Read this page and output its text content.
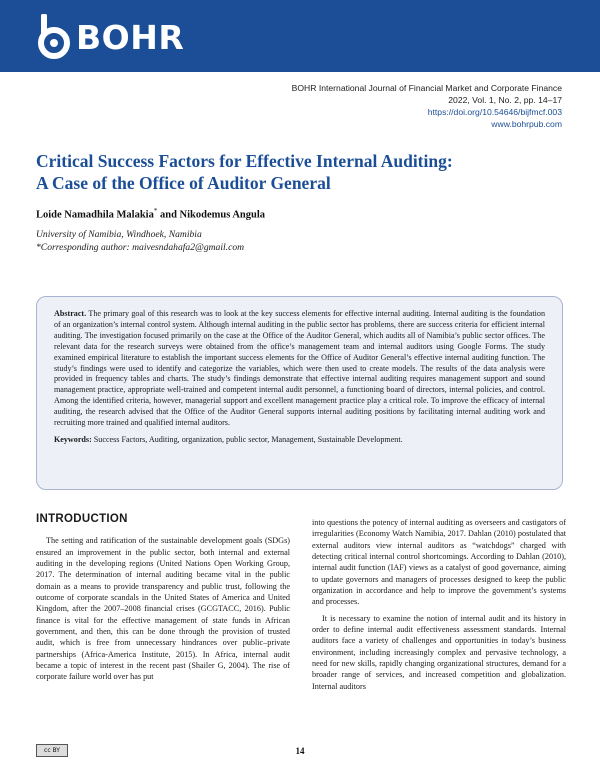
BOHR
BOHR International Journal of Financial Market and Corporate Finance
2022, Vol. 1, No. 2, pp. 14–17
https://doi.org/10.54646/bijfmcf.003
www.bohrpub.com
Critical Success Factors for Effective Internal Auditing:
A Case of the Office of Auditor General
Loide Namadhila Malakia* and Nikodemus Angula
University of Namibia, Windhoek, Namibia
*Corresponding author: maivesndahafa2@gmail.com

Abstract. The primary goal of this research was to look at the key success elements for effective internal auditing. Internal auditing is the foundation of an organization’s internal control system. Although internal auditing in the public sector has problems, there are success criteria for efficient internal auditing. The investigation focused primarily on the case at the Office of the Auditor General, which audits all of Namibia’s public sector offices. The relevant data for the research surveys were obtained from the office’s management team and internal auditors using Google Forms. The study examined empirical literature to establish the important success elements for the Office of Auditor General’s effective internal auditing function. The study’s findings were used to identify and categorize the variables, which were then used to create models. The results of the data analysis were provided in frequency tables and charts. The study’s findings demonstrate that effective internal auditing requires management support and sound management practice, appropriate well-trained and competent internal audit personnel, a functioning board of directors, internal policies, and control. Among the identified criteria, however, managerial support and excellent management practice play a critical role. To improve the efficacy of internal auditing, the research advised that the Office of the Auditor General supports internal auditing positions by facilitating internal auditing work and recruiting more trained and qualified internal auditors.

Keywords: Success Factors, Auditing, organization, public sector, Management, Sustainable Development.
INTRODUCTION

The setting and ratification of the sustainable development goals (SDGs) ensured an improvement in the public sector, both internal and external auditing in the developing regions (United Nations Open Working Group, 2017. The determination of internal auditing became vital in the public domain as a means to provide transparency and public trust, following the outcome of corporate scandals in the United States of America and United Kingdom, after the 2007–2008 financial crises (GCGTACC, 2016). Public finance is vital for the effective management of state funds in African government, and then, this can be done through the provision of trusted audit, which is free from unnecessary hindrances over public–private partnerships (Africa-America Institute, 2015). In Africa, internal audit became a topic of interest in the recent past (Shailer G, 2004). The rise of corporate failure world over has put

into questions the potency of internal auditing as overseers and castigators of irregularities (Economy Watch Namibia, 2017. Dahlan (2010) postulated that external auditors view internal auditors as “watchdogs” charged with detecting critical internal control shortcomings. According to Dahlan (2010), internal audit function (IAF) views as a catalyst of good governance, aiming to update governors and managers of processes designed to keep the public organization in accordance and help to improve the government’s systems and processes.

It is necessary to examine the notion of internal audit and its history in order to define internal audit effectiveness assessment standards. Internal auditors face a variety of challenges and opportunities in today’s business environment, including increasingly complex and pervasive technology, a need for new skills, rapidly changing organizational structures, demand for a broader range of services, and increased competition and globalization. Internal auditors

cc BY	14
